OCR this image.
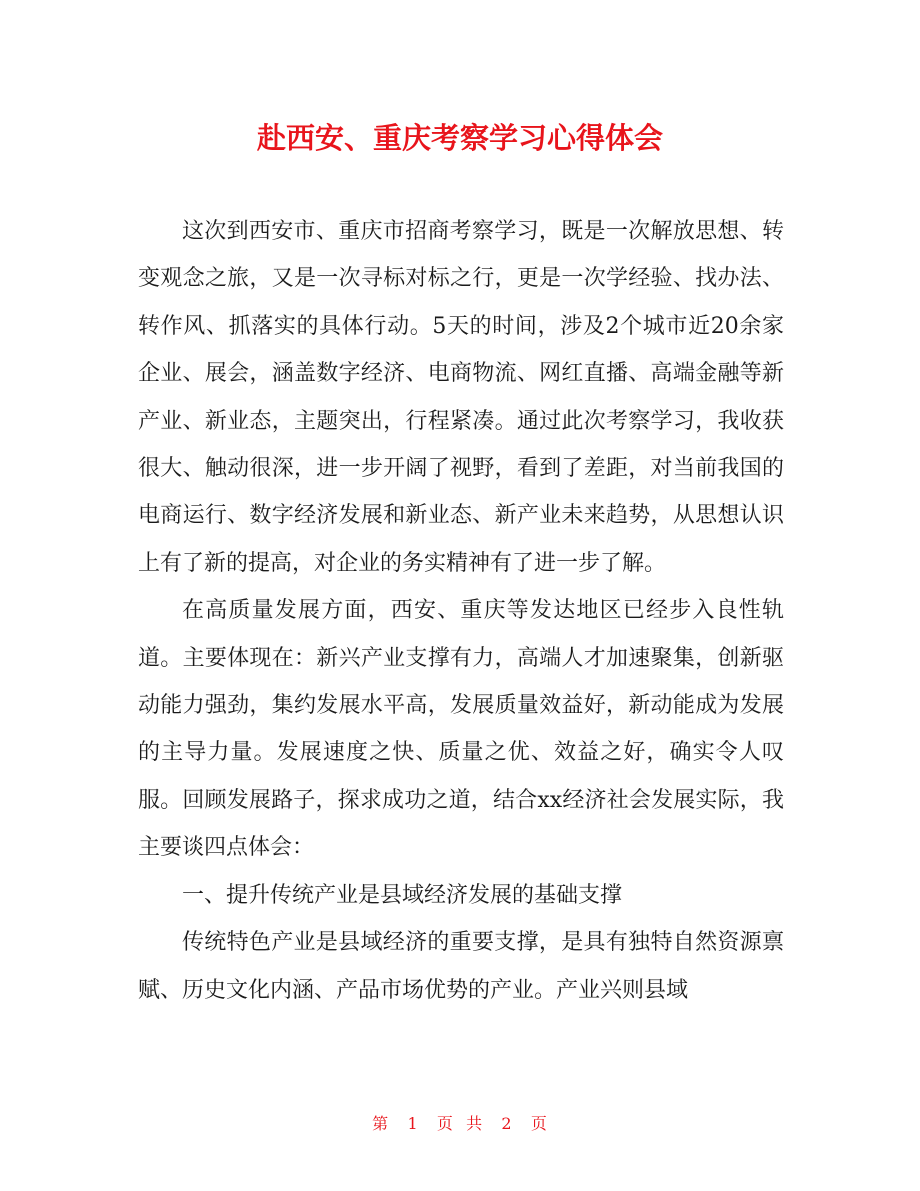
赴西安、重庆考察学习心得体会

这次到西安市、重庆市招商考察学习，既是一次解放思想、转变观念之旅，又是一次寻标对标之行，更是一次学经验、找办法、转作风、抓落实的具体行动。5天的时间，涉及2个城市近20余家企业、展会，涵盖数字经济、电商物流、网红直播、高端金融等新产业、新业态，主题突出，行程紧凑。通过此次考察学习，我收获很大、触动很深，进一步开阔了视野，看到了差距，对当前我国的电商运行、数字经济发展和新业态、新产业未来趋势，从思想认识上有了新的提高，对企业的务实精神有了进一步了解。

在高质量发展方面，西安、重庆等发达地区已经步入良性轨道。主要体现在：新兴产业支撑有力，高端人才加速聚集，创新驱动能力强劲，集约发展水平高，发展质量效益好，新动能成为发展的主导力量。发展速度之快、质量之优、效益之好，确实令人叹服。回顾发展路子，探求成功之道，结合xx经济社会发展实际，我主要谈四点体会：

一、提升传统产业是县域经济发展的基础支撑

传统特色产业是县域经济的重要支撑，是具有独特自然资源禀赋、历史文化内涵、产品市场优势的产业。产业兴则县域

第 1 页  共 2 页
